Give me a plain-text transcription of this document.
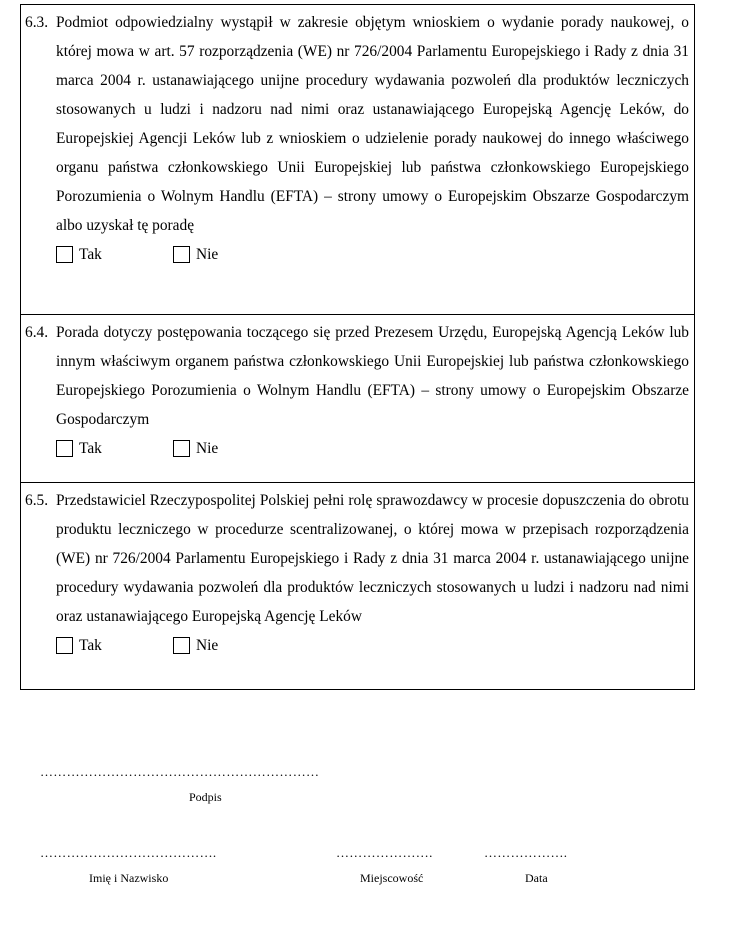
6.3. Podmiot odpowiedzialny wystąpił w zakresie objętym wnioskiem o wydanie porady naukowej, o której mowa w art. 57 rozporządzenia (WE) nr 726/2004 Parlamentu Europejskiego i Rady z dnia 31 marca 2004 r. ustanawiającego unijne procedury wydawania pozwoleń dla produktów leczniczych stosowanych u ludzi i nadzoru nad nimi oraz ustanawiającego Europejską Agencję Leków, do Europejskiej Agencji Leków lub z wnioskiem o udzielenie porady naukowej do innego właściwego organu państwa członkowskiego Unii Europejskiej lub państwa członkowskiego Europejskiego Porozumienia o Wolnym Handlu (EFTA) – strony umowy o Europejskim Obszarze Gospodarczym albo uzyskał tę poradę
Tak	Nie
6.4. Porada dotyczy postępowania toczącego się przed Prezesem Urzędu, Europejską Agencją Leków lub innym właściwym organem państwa członkowskiego Unii Europejskiej lub państwa członkowskiego Europejskiego Porozumienia o Wolnym Handlu (EFTA) – strony umowy o Europejskim Obszarze Gospodarczym
Tak	Nie
6.5. Przedstawiciel Rzeczypospolitej Polskiej pełni rolę sprawozdawcy w procesie dopuszczenia do obrotu produktu leczniczego w procedurze scentralizowanej, o której mowa w przepisach rozporządzenia (WE) nr 726/2004 Parlamentu Europejskiego i Rady z dnia 31 marca 2004 r. ustanawiającego unijne procedury wydawania pozwoleń dla produktów leczniczych stosowanych u ludzi i nadzoru nad nimi oraz ustanawiającego Europejską Agencję Leków
Tak	Nie
………………………………………………………
Podpis
………………………………….
Imię i Nazwisko
………………….
Miejscowość
……………….
Data
